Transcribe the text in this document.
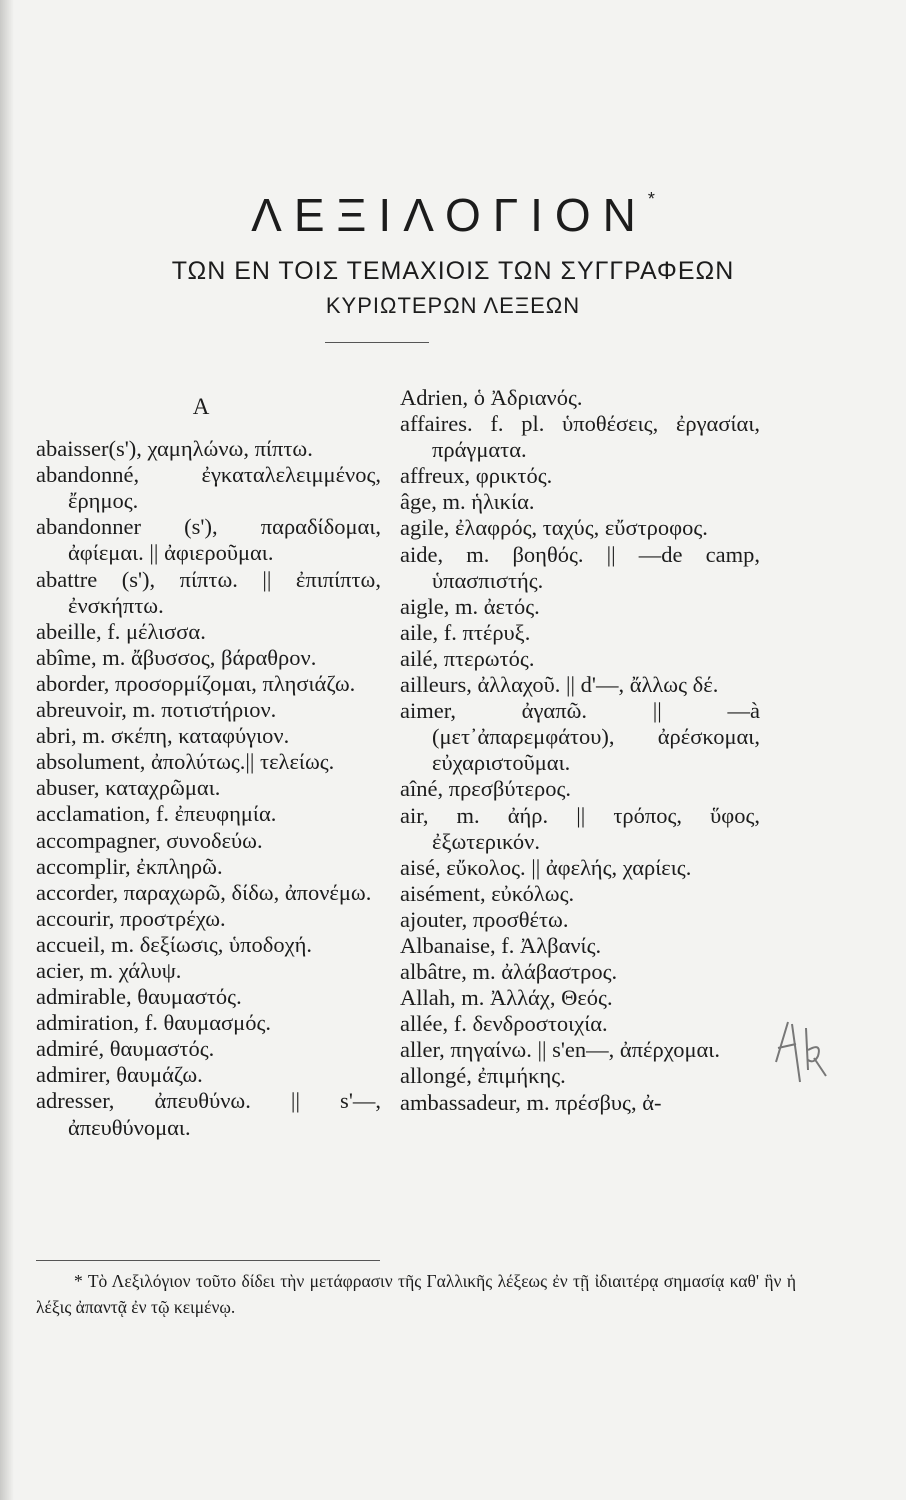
ΛΕΞΙΛΟΓΙΟΝ*
ΤΩΝ ΕΝ ΤΟΙΣ ΤΕΜΑΧΙΟΙΣ ΤΩΝ ΣΥΓΓΡΑΦΕΩΝ
ΚΥΡΙΩΤΕΡΩΝ ΛΕΞΕΩΝ
A
abaisser(s'), χαμηλώνω, πίπτω.
abandonné, ἐγκαταλελειμμένος, ἔρημος.
abandonner (s'), παραδίδομαι, ἀφίεμαι. || ἀφιεροῦμαι.
abattre (s'), πίπτω. || ἐπιπίπτω, ἐνσκήπτω.
abeille, f. μέλισσα.
abîme, m. ἄβυσσος, βάραθρον.
aborder, προσορμίζομαι, πλησιάζω.
abreuvoir, m. ποτιστήριον.
abri, m. σκέπη, καταφύγιον.
absolument, ἀπολύτως.|| τελείως.
abuser, καταχρῶμαι.
acclamation, f. ἐπευφημία.
accompagner, συνοδεύω.
accomplir, ἐκπληρῶ.
accorder, παραχωρῶ, δίδω, ἀπονέμω.
accourir, προστρέχω.
accueil, m. δεξίωσις, ὑποδοχή.
acier, m. χάλυψ.
admirable, θαυμαστός.
admiration, f. θαυμασμός.
admiré, θαυμαστός.
admirer, θαυμάζω.
adresser, ἀπευθύνω. || s'—, ἀπευθύνομαι.
Adrien, ὁ Ἀδριανός.
affaires. f. pl. ὑποθέσεις, ἐργασίαι, πράγματα.
affreux, φρικτός.
âge, m. ἡλικία.
agile, ἐλαφρός, ταχύς, εὔστροφος.
aide, m. βοηθός. || —de camp, ὑπασπιστής.
aigle, m. ἀετός.
aile, f. πτέρυξ.
ailé, πτερωτός.
ailleurs, ἀλλαχοῦ. || d'—, ἄλλως δέ.
aimer, ἀγαπῶ. || —à (μετ᾽ἀπαρεμφάτου), ἀρέσκομαι, εὐχαριστοῦμαι.
aîné, πρεσβύτερος.
air, m. ἀήρ. || τρόπος, ὕφος, ἐξωτερικόν.
aisé, εὔκολος. || ἀφελής, χαρίεις.
aisément, εὐκόλως.
ajouter, προσθέτω.
Albanaise, f. Ἀλβανίς.
albâtre, m. ἀλάβαστρος.
Allah, m. Ἀλλάχ, Θεός.
allée, f. δενδροστοιχία.
aller, πηγαίνω. || s'en—, ἀπέρχομαι.
allongé, ἐπιμήκης.
ambassadeur, m. πρέσβυς, ἀ-
* Τὸ Λεξιλόγιον τοῦτο δίδει τὴν μετάφρασιν τῆς Γαλλικῆς λέξεως ἐν τῇ ἰδιαιτέρᾳ σημασίᾳ καθ' ἣν ἡ λέξις ἀπαντᾷ ἐν τῷ κειμένῳ.
